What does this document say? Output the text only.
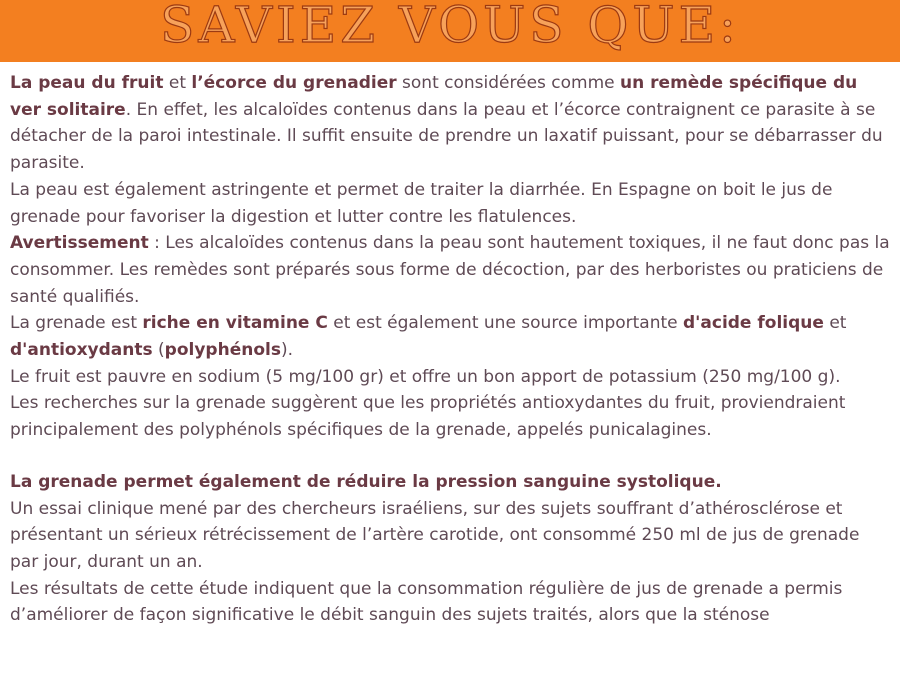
SAVIEZ VOUS QUE:

La peau du fruit et l’écorce du grenadier sont considérées comme un remède spécifique du ver solitaire. En effet, les alcaloïdes contenus dans la peau et l’écorce contraignent ce parasite à se détacher de la paroi intestinale. Il suffit ensuite de prendre un laxatif puissant, pour se débarrasser du parasite.

La peau est également astringente et permet de traiter la diarrhée. En Espagne on boit le jus de grenade pour favoriser la digestion et lutter contre les flatulences.

Avertissement : Les alcaloïdes contenus dans la peau sont hautement toxiques, il ne faut donc pas la consommer. Les remèdes sont préparés sous forme de décoction, par des herboristes ou praticiens de santé qualifiés.

La grenade est riche en vitamine C et est également une source importante d'acide folique et d'antioxydants (polyphénols).

Le fruit est pauvre en sodium (5 mg/100 gr) et offre un bon apport de potassium (250 mg/100 g).

Les recherches sur la grenade suggèrent que les propriétés antioxydantes du fruit, proviendraient principalement des polyphénols spécifiques de la grenade, appelés punicalagines.

La grenade permet également de réduire la pression sanguine systolique.

Un essai clinique mené par des chercheurs israéliens, sur des sujets souffrant d’athérosclérose et présentant un sérieux rétrécissement de l’artère carotide, ont consommé 250 ml de jus de grenade par jour, durant un an.

Les résultats de cette étude indiquent que la consommation régulière de jus de grenade a permis d’améliorer de façon significative le débit sanguin des sujets traités, alors que la sténose
